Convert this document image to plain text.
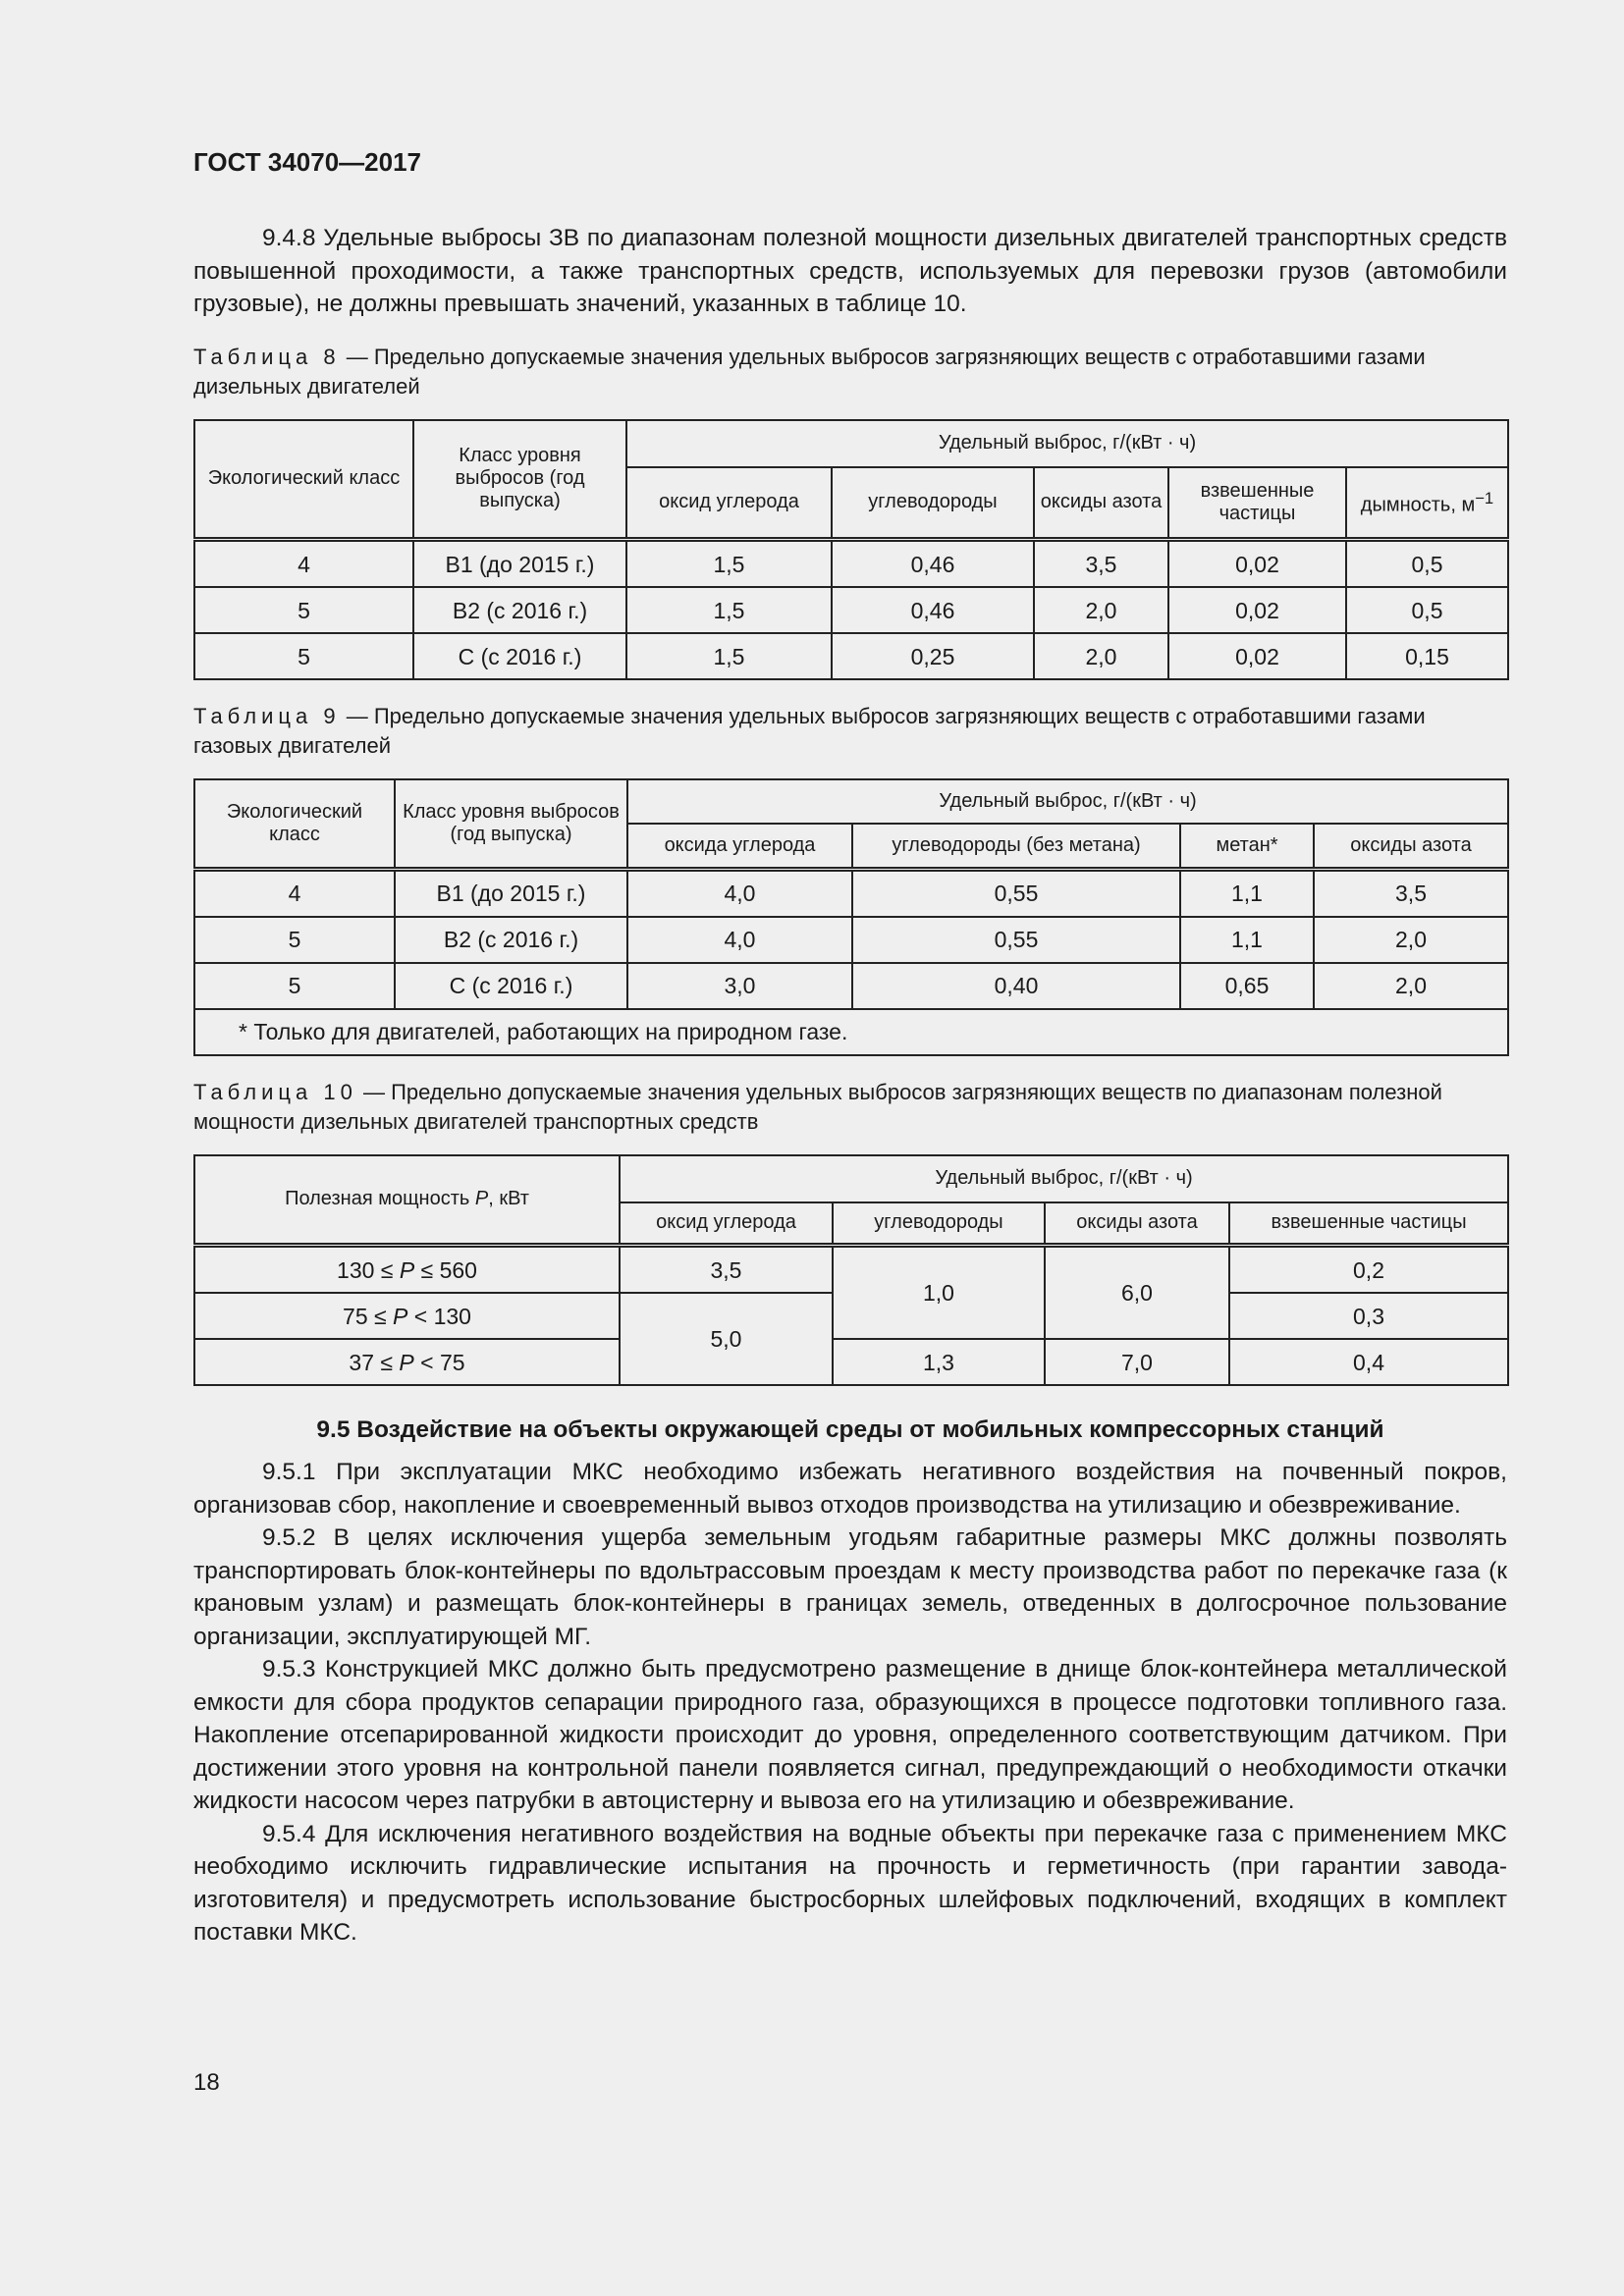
ГОСТ 34070—2017

9.4.8 Удельные выбросы ЗВ по диапазонам полезной мощности дизельных двигателей транспортных средств повышенной проходимости, а также транспортных средств, используемых для перевозки грузов (автомобили грузовые), не должны превышать значений, указанных в таблице 10.

Таблица 8 — Предельно допускаемые значения удельных выбросов загрязняющих веществ с отработавшими газами дизельных двигателей
Экологический класс	Класс уровня выбросов (год выпуска)	Удельный выброс, г/(кВт · ч)				
		оксид углерода	углеводороды	оксиды азота	взвешенные частицы	дымность, $м^{-1}$
4	В1 (до 2015 г.)	1,5	0,46	3,5	0,02	0,5
5	В2 (с 2016 г.)	1,5	0,46	2,0	0,02	0,5
5	С (с 2016 г.)	1,5	0,25	2,0	0,02	0,15
Таблица 9 — Предельно допускаемые значения удельных выбросов загрязняющих веществ с отработавшими газами газовых двигателей
Экологический класс	Класс уровня выбросов (год выпуска)	Удельный выброс, г/(кВт · ч)			
		оксида углерода	углеводороды (без метана)	метан*	оксиды азота
4	В1 (до 2015 г.)	4,0	0,55	1,1	3,5
5	В2 (с 2016 г.)	4,0	0,55	1,1	2,0
5	С (с 2016 г.)	3,0	0,40	0,65	2,0
* Только для двигателей, работающих на природном газе.					
Таблица 10 — Предельно допускаемые значения удельных выбросов загрязняющих веществ по диапазонам полезной мощности дизельных двигателей транспортных средств
Полезная мощность P, кВт	Удельный выброс, г/(кВт · ч)			
	оксид углерода	углеводороды	оксиды азота	взвешенные частицы
130 ≤ P ≤ 560	3,5	1,0	6,0	0,2
75 ≤ P < 130	5,0			0,3
37 ≤ P < 75		1,3	7,0	0,4
9.5 Воздействие на объекты окружающей среды от мобильных компрессорных станций

9.5.1 При эксплуатации МКС необходимо избежать негативного воздействия на почвенный покров, организовав сбор, накопление и своевременный вывоз отходов производства на утилизацию и обезвреживание.

9.5.2 В целях исключения ущерба земельным угодьям габаритные размеры МКС должны позволять транспортировать блок-контейнеры по вдольтрассовым проездам к месту производства работ по перекачке газа (к крановым узлам) и размещать блок-контейнеры в границах земель, отведенных в долгосрочное пользование организации, эксплуатирующей МГ.

9.5.3 Конструкцией МКС должно быть предусмотрено размещение в днище блок-контейнера металлической емкости для сбора продуктов сепарации природного газа, образующихся в процессе подготовки топливного газа. Накопление отсепарированной жидкости происходит до уровня, определенного соответствующим датчиком. При достижении этого уровня на контрольной панели появляется сигнал, предупреждающий о необходимости откачки жидкости насосом через патрубки в автоцистерну и вывоза его на утилизацию и обезвреживание.

9.5.4 Для исключения негативного воздействия на водные объекты при перекачке газа с применением МКС необходимо исключить гидравлические испытания на прочность и герметичность (при гарантии завода-изготовителя) и предусмотреть использование быстросборных шлейфовых подключений, входящих в комплект поставки МКС.

18
